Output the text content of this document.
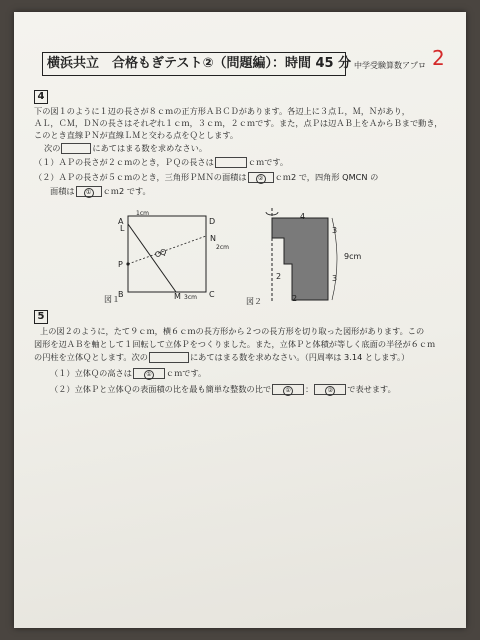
横浜共立　合格もぎテスト②（問題編）：時間 45 分 中学受験算数アプロ 2
4
下の図１のように１辺の長さが８ｃｍの正方形ＡＢＣＤがあります。各辺上に３点Ｌ，Ｍ，Ｎがあり，
ＡＬ，ＣＭ，ＤＮの長さはそれぞれ１ｃｍ，３ｃｍ，２ｃｍです。また，点Ｐは辺ＡＢ上をＡからＢまで動き，
このとき直線ＰＮが直線ＬＭと交わる点をＱとします。
次の	にあてはまる数を求めなさい。
（１）ＡＰの長さが２ｃｍのとき，ＰＱの長さは	ｃｍです。
（２）ＡＰの長さが５ｃｍのとき，三角形ＰＭＮの面積は ② ｃｍ2 で，四角形 QMCN の
面積は ① ｃｍ2 です。
A
B	C
D
L
P
Q
M
N
1cm
2cm
3cm
図１
4
3
3
9cm
2
2
図２
5
上の図２のように，たて９ｃｍ，横６ｃｍの長方形から２つの長方形を切り取った図形があります。この
図形を辺ＡＢを軸として１回転して立体Ｐをつくりました。また，立体Ｐと体積が等しく底面の半径が６ｃｍ
の円柱を立体Ｑとします。次の	にあてはまる数を求めなさい。（円周率は 3.14 とします。）
（１）立体Ｑの高さは ① ｃｍです。
（２）立体Ｐと立体Ｑの表面積の比を最も簡単な整数の比で ① ： ② で表せます。
